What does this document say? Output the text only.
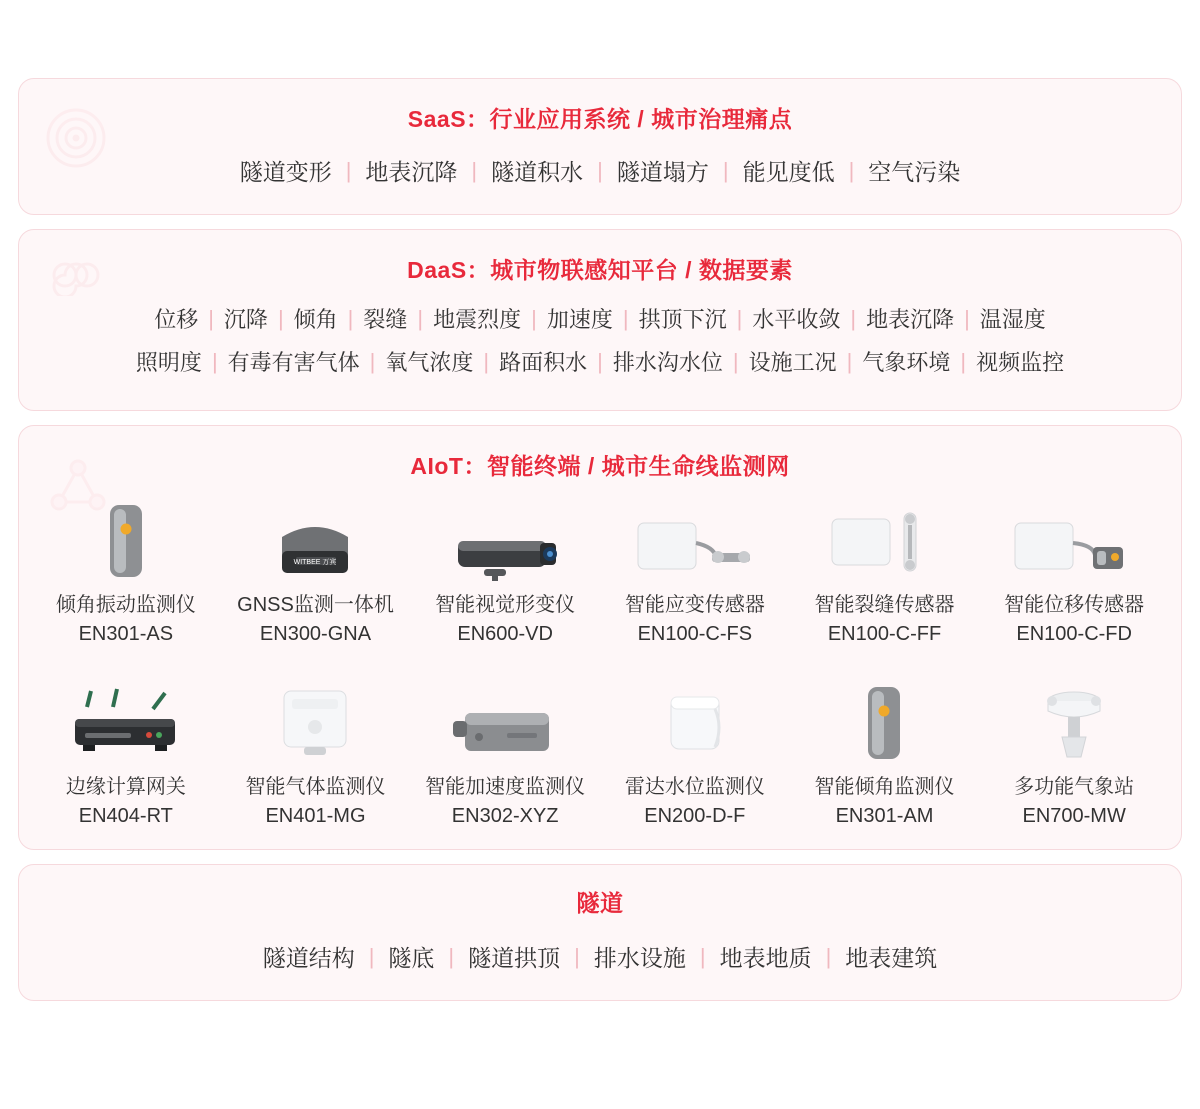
SaaS：行业应用系统 / 城市治理痛点
隧道变形 | 地表沉降 | 隧道积水 | 隧道塌方 | 能见度低 | 空气污染
DaaS：城市物联感知平台 / 数据要素
位移 | 沉降 | 倾角 | 裂缝 | 地震烈度 | 加速度 | 拱顶下沉 | 水平收敛 | 地表沉降 | 温湿度
照明度 | 有毒有害气体 | 氧气浓度 | 路面积水 | 排水沟水位 | 设施工况 | 气象环境 | 视频监控
AIoT：智能终端 / 城市生命线监测网
倾角振动监测仪
EN301-AS
WITBEE 万宾
GNSS监测一体机
EN300-GNA
智能视觉形变仪
EN600-VD
智能应变传感器
EN100-C-FS
智能裂缝传感器
EN100-C-FF
智能位移传感器
EN100-C-FD
边缘计算网关
EN404-RT
智能气体监测仪
EN401-MG
智能加速度监测仪
EN302-XYZ
雷达水位监测仪
EN200-D-F
智能倾角监测仪
EN301-AM
多功能气象站
EN700-MW
隧道
隧道结构 | 隧底 | 隧道拱顶 | 排水设施 | 地表地质 | 地表建筑
